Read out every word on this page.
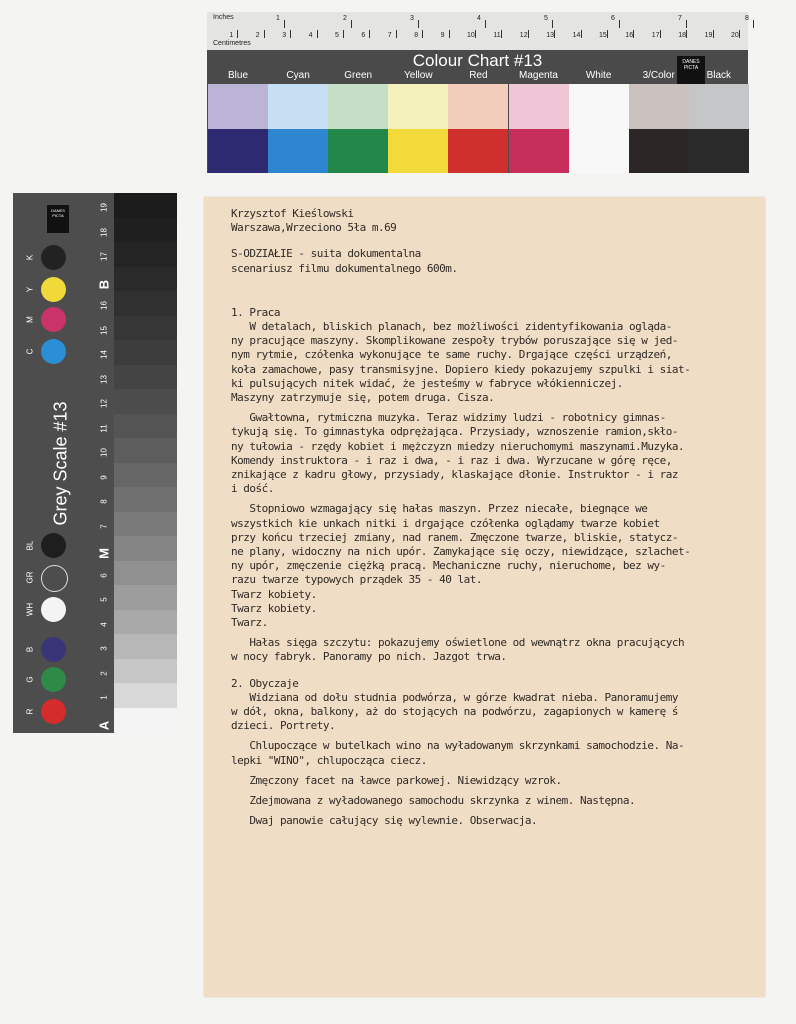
Inches
Centimetres
1	2	3	4	5	6	7	8
1	2	3	4	5	6	7	8	9	10	11	12	13	14	15	16	17	18	19	20
Colour Chart #13	DANES PICTA
Blue	Cyan	Green	Yellow	Red	Magenta	White	3/Color	Black
DANES PICTA
K
Y
M
C
BL
GR
WH
B
G
R
Grey Scale #13
19
18
17
B
16
15
14
13
12
11
10
9
8
7
M
6
5
4
3
2
1
A
Krzysztof Kieślowski
Warszawa,Wrzeciono 5ła m.69
S-ODZIAŁIE - suita dokumentalna
scenariusz filmu dokumentalnego 600m.
1. Praca
W detalach, bliskich planach, bez możliwości zidentyfikowania ogląda-
ny pracujące maszyny. Skomplikowane zespoły trybów poruszające się w jed-
nym rytmie, czółenka wykonujące te same ruchy. Drgające części urządzeń,
koła zamachowe, pasy transmisyjne. Dopiero kiedy pokazujemy szpulki i siat-
ki pulsujących nitek widać, że jesteśmy w fabryce włókienniczej.
Maszyny zatrzymuje się, potem druga. Cisza.
Gwałtowna, rytmiczna muzyka. Teraz widzimy ludzi - robotnicy gimnas-
tykują się. To gimnastyka odprężająca. Przysiady, wznoszenie ramion,skło-
ny tułowia - rzędy kobiet i mężczyzn miedzy nieruchomymi maszynami.Muzyka.
Komendy instruktora - i raz i dwa, - i raz i dwa. Wyrzucane w górę ręce,
znikające z kadru głowy, przysiady, klaskające dłonie. Instruktor - i raz
i dość.
Stopniowo wzmagający się hałas maszyn. Przez niecałe, biegnące we
wszystkich kie unkach nitki i drgające czółenka oglądamy twarze kobiet
przy końcu trzeciej zmiany, nad ranem. Zmęczone twarze, bliskie, statycz-
ne plany, widoczny na nich upór. Zamykające się oczy, niewidzące, szlachet-
ny upór, zmęczenie ciężką pracą. Mechaniczne ruchy, nieruchome, bez wy-
razu twarze typowych prządek 35 - 40 lat.
Twarz kobiety.
Twarz kobiety.
Twarz.
Hałas sięga szczytu: pokazujemy oświetlone od wewnątrz okna pracujących
w nocy fabryk. Panoramy po nich. Jazgot trwa.
2. Obyczaje
Widziana od dołu studnia podwórza, w górze kwadrat nieba. Panoramujemy
w dół, okna, balkony, aż do stojących na podwórzu, zagapionych w kamerę ś
dzieci. Portrety.
Chlupoczące w butelkach wino na wyładowanym skrzynkami samochodzie. Na-
lepki "WINO", chlupocząca ciecz.
Zmęczony facet na ławce parkowej. Niewidzący wzrok.
Zdejmowana z wyładowanego samochodu skrzynka z winem. Następna.
Dwaj panowie całujący się wylewnie. Obserwacja.
